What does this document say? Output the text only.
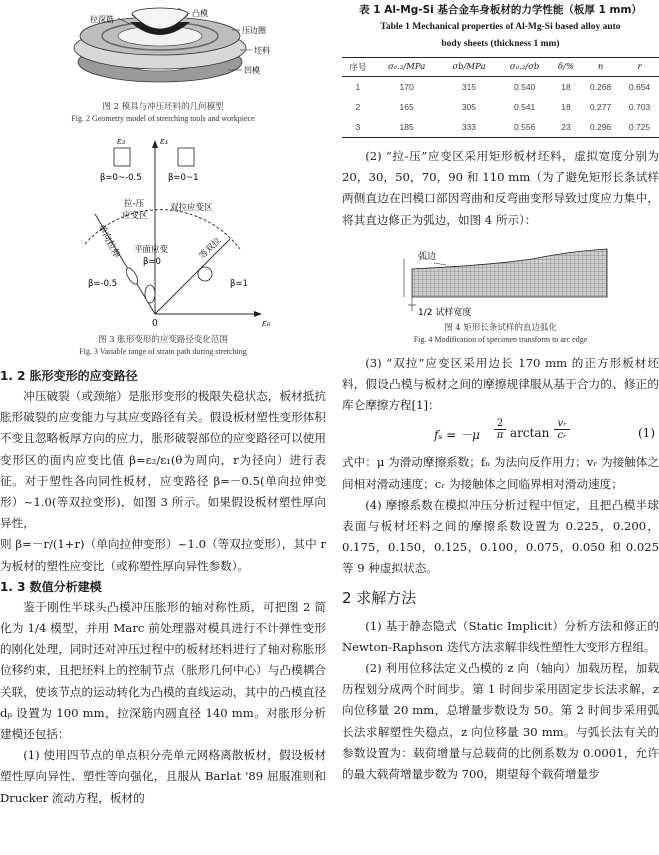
拉深筋
凸模
压边圈
坯料
凹模

图 2 模具与冲压坯料的几何模型

Fig. 2 Geometry model of stretching tools and workpiece

ε₁
ε₂
ε₀
0
β=0~-0.5	β=0~1
拉-压
应变区
双拉应变区
单向拉伸 平面应变
β=0
β=-0.5
等双拉
β=1

图 3 胀形变形的应变路径变化范围

Fig. 3 Variable range of strain path during stretching

1. 2 胀形变形的应变路径

冲压破裂（或颈缩）是胀形变形的极限失稳状态，板材抵抗胀形破裂的应变能力与其应变路径有关。假设板材塑性变形体积不变且忽略板厚方向的应力，胀形破裂部位的应变路径可以使用变形区的面内应变比值 β=ε₂/ε₁(θ为周向，r为径向）进行表征。对于塑性各向同性板材，应变路径 β=－0.5(单向拉伸变形）~1.0(等双拉变形)，如图 3 所示。如果假设板材塑性厚向异性，

则 β=－r/(1+r)（单向拉伸变形）~1.0（等双拉变形），其中 r 为板材的塑性应变比（或称塑性厚向异性参数）。

1. 3 数值分析建模

鉴于刚性半球头凸模冲压胀形的轴对称性质，可把图 2 简化为 1/4 模型，并用 Marc 前处理器对模具进行不计弹性变形的刚化处理，同时还对冲压过程中的板材坯料进行了轴对称胀形位移约束，且把坯料上的控制节点（胀形几何中心）与凸模耦合关联，使该节点的运动转化为凸模的直线运动，其中的凸模直径 dₚ 设置为 100 mm，拉深筋内圆直径 140 mm。对胀形分析建模还包括：

(1) 使用四节点的单点积分壳单元网格离散板材，假设板材塑性厚向异性、塑性等向强化，且服从 Barlat '89 屈服准则和 Drucker 流动方程，板材的

表 1 Al-Mg-Si 基合金车身板材的力学性能（板厚 1 mm）

Table 1 Mechanical properties of Al-Mg-Si based alloy auto

body sheets (thickness 1 mm)

序号	σ₀.₂/MPa	σb/MPa	σ₀.₂/σb	δ/%	n	r
1	170	315	0.540	18	0.268	0.654
2	165	305	0.541	18	0.277	0.703
3	185	333	0.556	23	0.296	0.725

(2) “拉-压”应变区采用矩形板材坯料，虚拟宽度分别为 20，30，50，70，90 和 110 mm（为了避免矩形长条试样两侧直边在凹模口部因弯曲和反弯曲变形导致过度应力集中，将其直边修正为弧边，如图 4 所示）：

弧边
1/2 试样宽度

图 4 矩形长条试样的直边弧化

Fig. 4 Modification of specimen transform to arc edge

(3) “双拉”应变区采用边长 170 mm 的正方形板材坯料，假设凸模与板材之间的摩擦规律服从基于合力的、修正的库仑摩擦方程[1]：

$f_s = -\mu \frac{2}{\pi}$ $\arctan \frac{\text{vᵣ}}{\text{cᵣ}}$	(1)

式中：μ 为滑动摩擦系数；fₙ 为法向反作用力；vᵣ 为接触体之间相对滑动速度；cᵣ 为接触体之间临界相对滑动速度；

(4) 摩擦系数在模拟冲压分析过程中恒定，且把凸模半球表面与板材坯料之间的摩擦系数设置为 0.225，0.200，0.175，0.150，0.125，0.100，0.075，0.050 和 0.025 等 9 种虚拟状态。

2 求解方法

(1) 基于静态隐式（Static Implicit）分析方法和修正的 Newton-Raphson 迭代方法求解非线性塑性大变形方程组。

(2) 利用位移法定义凸模的 z 向（轴向）加载历程，加载历程划分成两个时间步。第 1 时间步采用固定步长法求解，z 向位移量 20 mm，总增量步数设为 50。第 2 时间步采用弧长法求解塑性失稳点，z 向位移量 30 mm。与弧长法有关的参数设置为：载荷增量与总载荷的比例系数为 0.0001，允许的最大载荷增量步数为 700，期望每个载荷增量步
